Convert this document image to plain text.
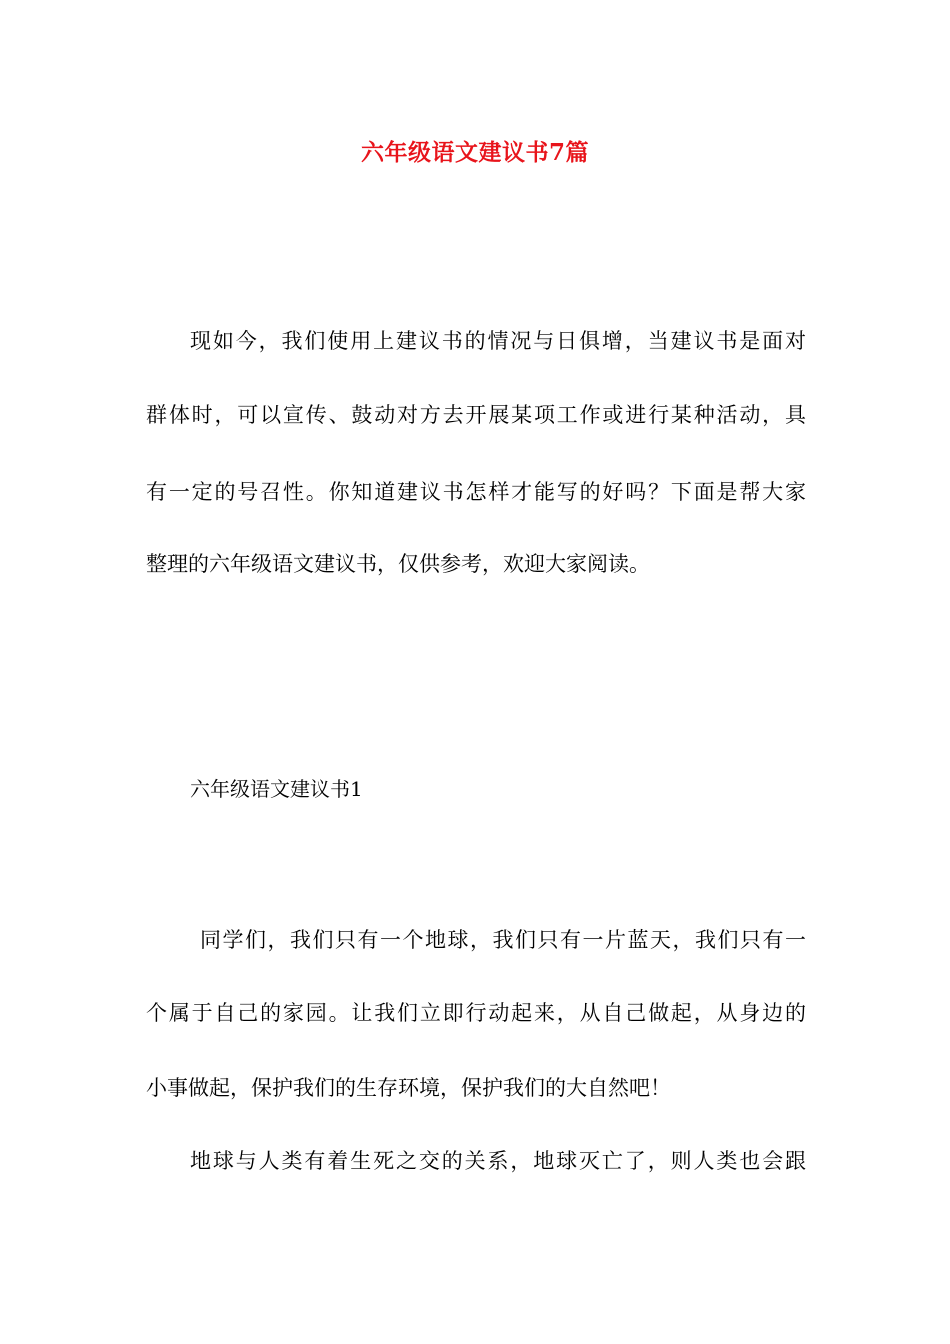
六年级语文建议书7篇
现如今，我们使用上建议书的情况与日俱增，当建议书是面对
群体时，可以宣传、鼓动对方去开展某项工作或进行某种活动，具
有一定的号召性。你知道建议书怎样才能写的好吗？下面是帮大家
整理的六年级语文建议书，仅供参考，欢迎大家阅读。
六年级语文建议书1
同学们，我们只有一个地球，我们只有一片蓝天，我们只有一
个属于自己的家园。让我们立即行动起来，从自己做起，从身边的
小事做起，保护我们的生存环境，保护我们的大自然吧！
地球与人类有着生死之交的关系，地球灭亡了，则人类也会跟
